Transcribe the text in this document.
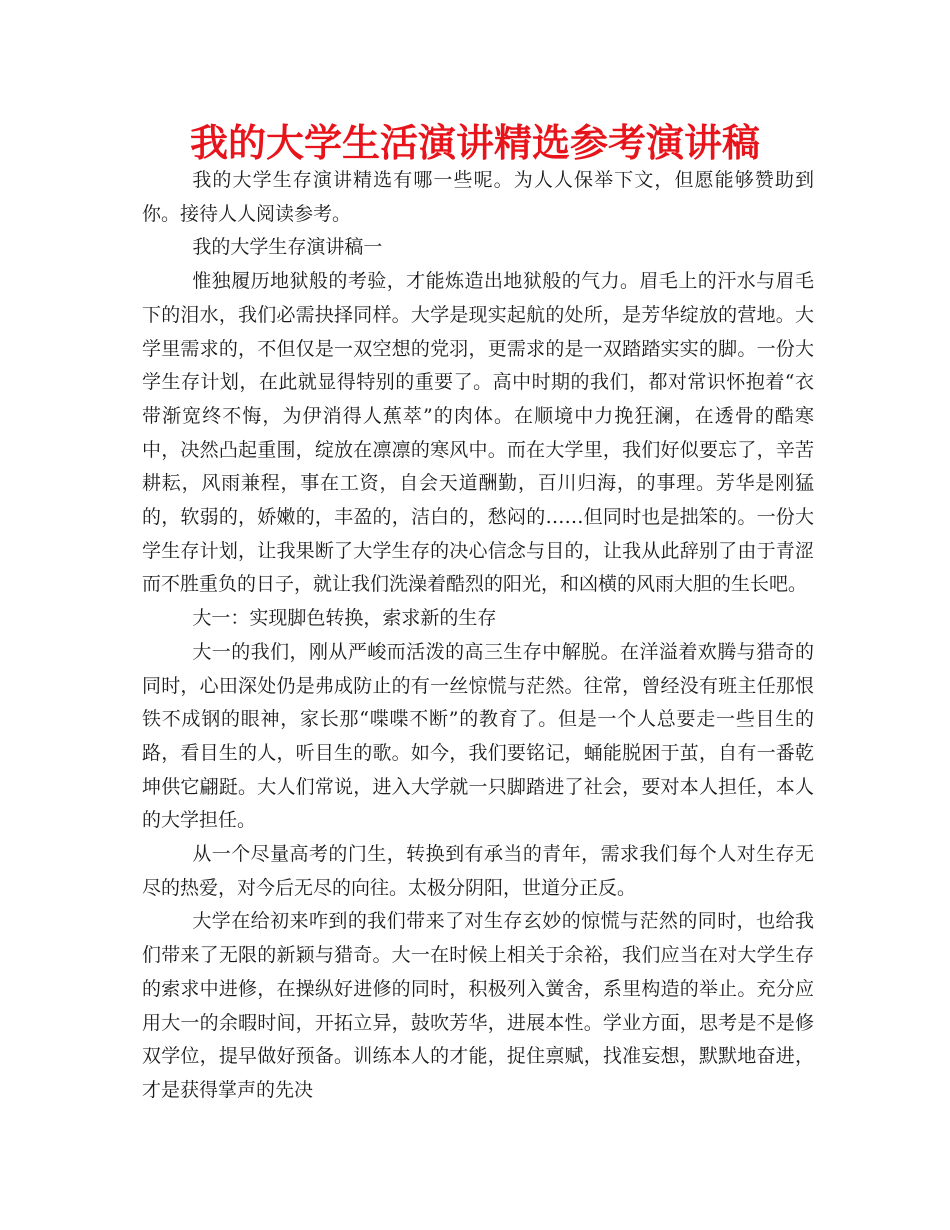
我的大学生活演讲精选参考演讲稿

我的大学生存演讲精选有哪一些呢。为人人保举下文，但愿能够赞助到你。接待人人阅读参考。

我的大学生存演讲稿一

惟独履历地狱般的考验，才能炼造出地狱般的气力。眉毛上的汗水与眉毛下的泪水，我们必需抉择同样。大学是现实起航的处所，是芳华绽放的营地。大学里需求的，不但仅是一双空想的党羽，更需求的是一双踏踏实实的脚。一份大学生存计划，在此就显得特别的重要了。高中时期的我们，都对常识怀抱着“衣带渐宽终不悔，为伊消得人蕉萃”的肉体。在顺境中力挽狂澜，在透骨的酷寒中，决然凸起重围，绽放在凛凛的寒风中。而在大学里，我们好似要忘了，辛苦耕耘，风雨兼程，事在工资，自会天道酬勤，百川归海，的事理。芳华是刚猛的，软弱的，娇嫩的，丰盈的，洁白的，愁闷的……但同时也是拙笨的。一份大学生存计划，让我果断了大学生存的决心信念与目的，让我从此辞别了由于青涩而不胜重负的日子，就让我们洗澡着酷烈的阳光，和凶横的风雨大胆的生长吧。

大一：实现脚色转换，索求新的生存

大一的我们，刚从严峻而活泼的高三生存中解脱。在洋溢着欢腾与猎奇的同时，心田深处仍是弗成防止的有一丝惊慌与茫然。往常，曾经没有班主任那恨铁不成钢的眼神，家长那“喋喋不断”的教育了。但是一个人总要走一些目生的路，看目生的人，听目生的歌。如今，我们要铭记，蛹能脱困于茧，自有一番乾坤供它翩跹。大人们常说，进入大学就一只脚踏进了社会，要对本人担任，本人的大学担任。

从一个尽量高考的门生，转换到有承当的青年，需求我们每个人对生存无尽的热爱，对今后无尽的向往。太极分阴阳，世道分正反。

大学在给初来咋到的我们带来了对生存玄妙的惊慌与茫然的同时，也给我们带来了无限的新颖与猎奇。大一在时候上相关于余裕，我们应当在对大学生存的索求中进修，在操纵好进修的同时，积极列入黉舍，系里构造的举止。充分应用大一的余暇时间，开拓立异，鼓吹芳华，进展本性。学业方面，思考是不是修双学位，提早做好预备。训练本人的才能，捉住禀赋，找准妄想，默默地奋进，才是获得掌声的先决
